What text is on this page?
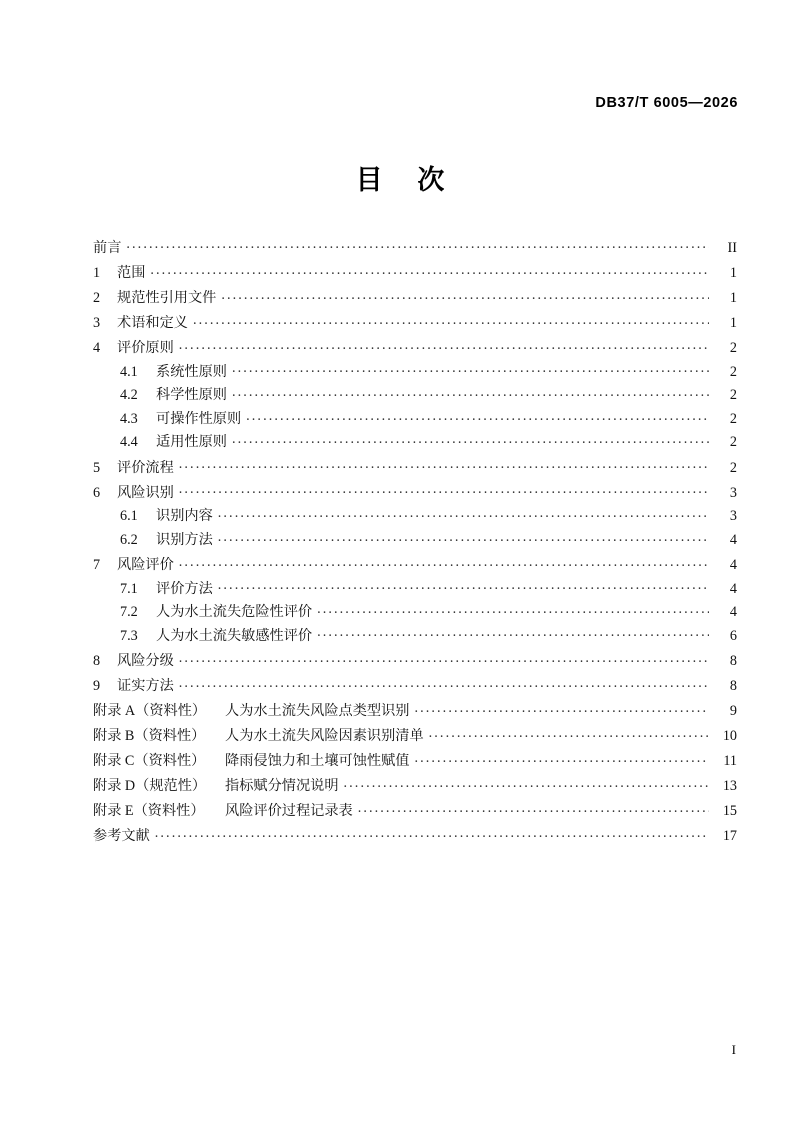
DB37/T 6005—2026
目 次
前言 .....	II
1	范围 .....	1
2	规范性引用文件 .....	1
3	术语和定义 .....	1
4	评价原则 .....	2
4.1	系统性原则 .....	2
4.2	科学性原则 .....	2
4.3	可操作性原则 .....	2
4.4	适用性原则 .....	2
5	评价流程 .....	2
6	风险识别 .....	3
6.1	识别内容 .....	3
6.2	识别方法 .....	4
7	风险评价 .....	4
7.1	评价方法 .....	4
7.2	人为水土流失危险性评价 .....	4
7.3	人为水土流失敏感性评价 .....	6
8	风险分级 .....	8
9	证实方法 .....	8
附录 A（资料性）	人为水土流失风险点类型识别 .....	9
附录 B（资料性）	人为水土流失风险因素识别清单 .....	10
附录 C（资料性）	降雨侵蚀力和土壤可蚀性赋值 .....	11
附录 D（规范性）	指标赋分情况说明 .....	13
附录 E（资料性）	风险评价过程记录表 .....	15
参考文献 .....	17
I
